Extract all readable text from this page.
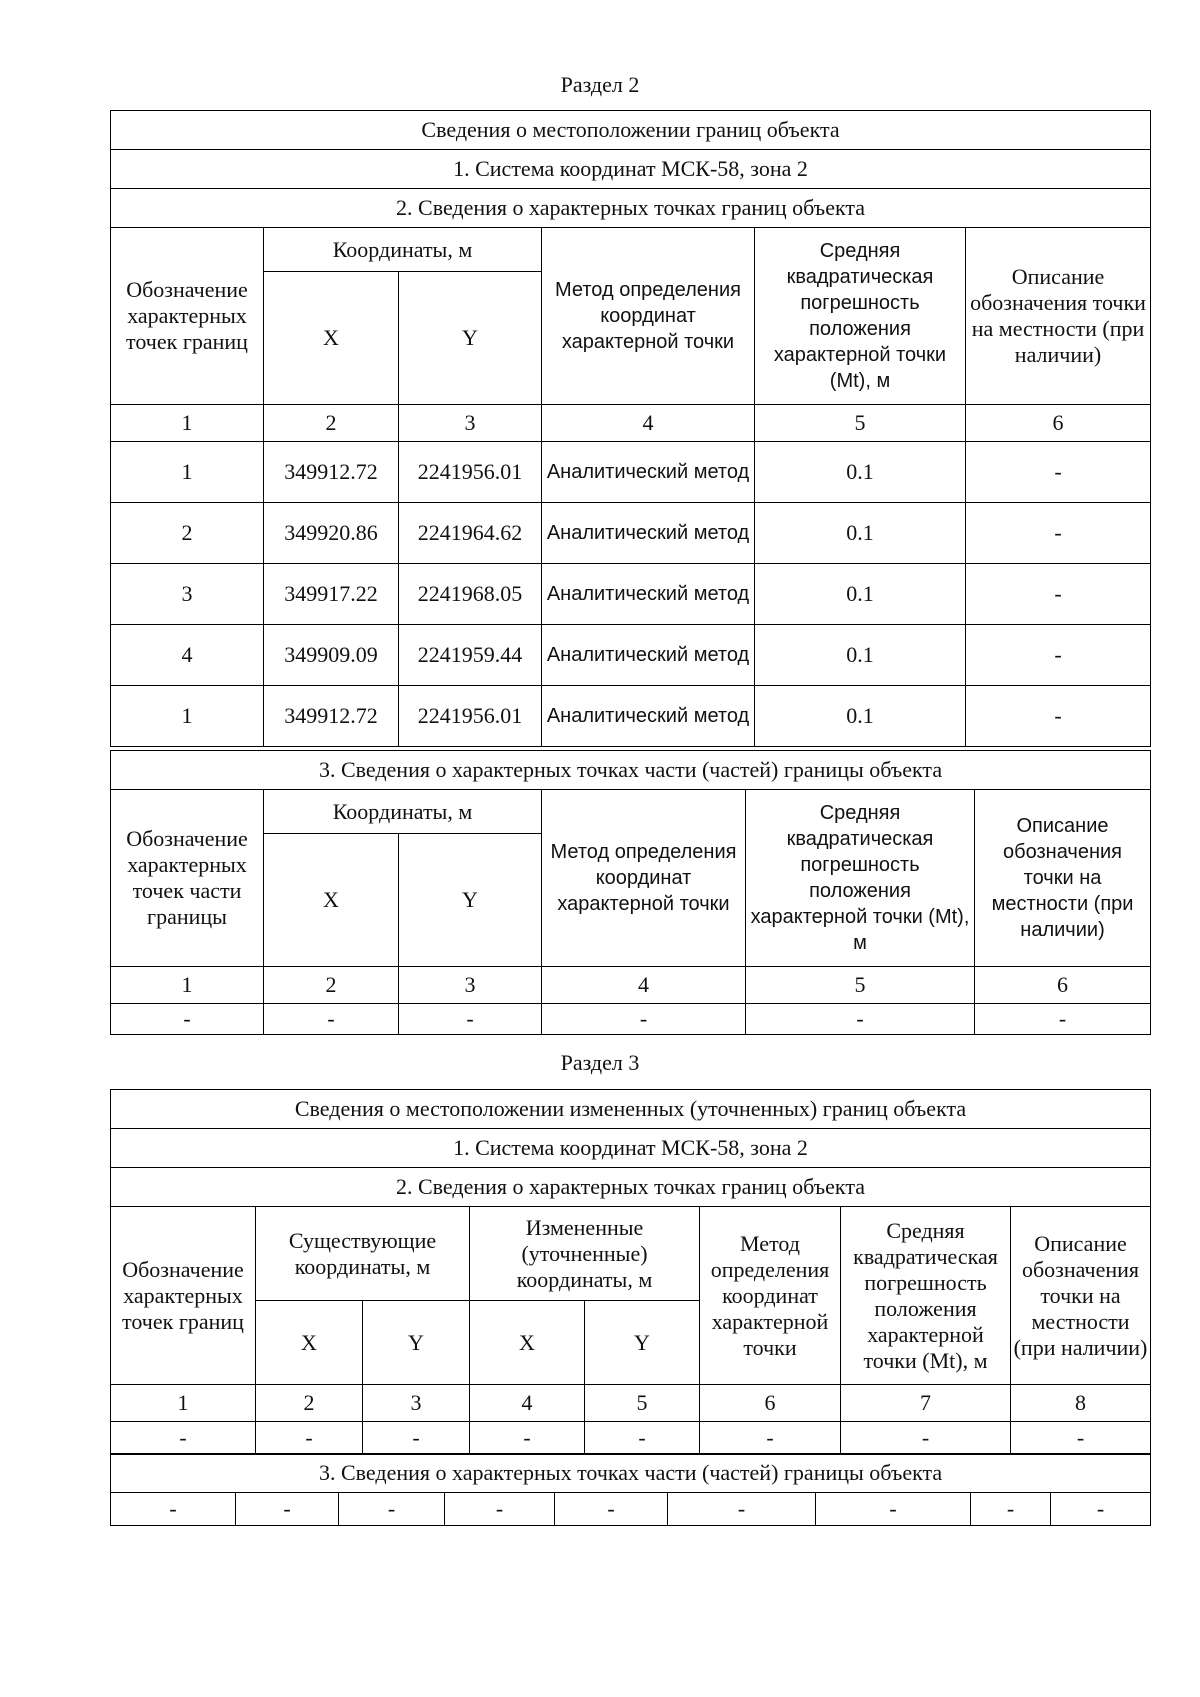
Раздел 2
Сведения о местоположении границ объекта					
1. Система координат МСК-58, зона 2					
2. Сведения о характерных точках границ объекта					
Обозначение характерных точек границ	Координаты, м		Метод определения координат характерной точки	Средняя квадратическая погрешность положения характерной точки (Mt), м	Описание обозначения точки на местности (при наличии)
	X	Y			
1	2	3	4	5	6
1	349912.72	2241956.01	Аналитический метод	0.1	-
2	349920.86	2241964.62	Аналитический метод	0.1	-
3	349917.22	2241968.05	Аналитический метод	0.1	-
4	349909.09	2241959.44	Аналитический метод	0.1	-
1	349912.72	2241956.01	Аналитический метод	0.1	-
3. Сведения о характерных точках части (частей) границы объекта					
Обозначение характерных точек части границы	Координаты, м		Метод определения координат характерной точки	Средняя квадратическая погрешность положения характерной точки (Mt), м	Описание обозначения точки на местности (при наличии)
	X	Y			
1	2	3	4	5	6
-	-	-	-	-	-
Раздел 3
Сведения о местоположении измененных (уточненных) границ объекта							
1. Система координат МСК-58, зона 2							
2. Сведения о характерных точках границ объекта							
Обозначение характерных точек границ	Существующие координаты, м		Измененные (уточненные) координаты, м		Метод определения координат характерной точки	Средняя квадратическая погрешность положения характерной точки (Mt), м	Описание обозначения точки на местности (при наличии)
	X	Y	X	Y			
1	2	3	4	5	6	7	8
-	-	-	-	-	-	-	-
3. Сведения о характерных точках части (частей) границы объекта
-	-	-	-	-	-	-	-	-
